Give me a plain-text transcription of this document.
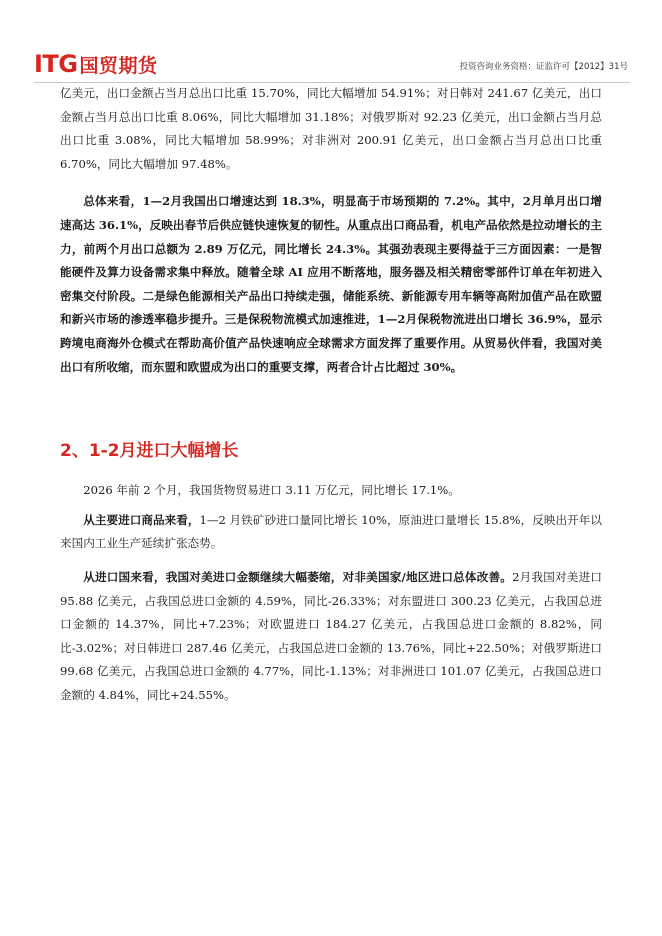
ITG 国贸期货	投资咨询业务资格：证监许可【2012】31号

亿美元，出口金额占当月总出口比重 15.70%，同比大幅增加 54.91%；对日韩对 241.67 亿美元，出口金额占当月总出口比重 8.06%，同比大幅增加 31.18%；对俄罗斯对 92.23 亿美元，出口金额占当月总出口比重 3.08%，同比大幅增加 58.99%；对非洲对 200.91 亿美元，出口金额占当月总出口比重 6.70%，同比大幅增加 97.48%。

总体来看，1—2月我国出口增速达到 18.3%，明显高于市场预期的 7.2%。其中，2月单月出口增速高达 36.1%，反映出春节后供应链快速恢复的韧性。从重点出口商品看，机电产品依然是拉动增长的主力，前两个月出口总额为 2.89 万亿元，同比增长 24.3%。其强劲表现主要得益于三方面因素：一是智能硬件及算力设备需求集中释放。随着全球 AI 应用不断落地，服务器及相关精密零部件订单在年初进入密集交付阶段。二是绿色能源相关产品出口持续走强，储能系统、新能源专用车辆等高附加值产品在欧盟和新兴市场的渗透率稳步提升。三是保税物流模式加速推进，1—2月保税物流进出口增长 36.9%，显示跨境电商海外仓模式在帮助高价值产品快速响应全球需求方面发挥了重要作用。从贸易伙伴看，我国对美出口有所收缩，而东盟和欧盟成为出口的重要支撑，两者合计占比超过 30%。

2、1-2月进口大幅增长

2026 年前 2 个月，我国货物贸易进口 3.11 万亿元，同比增长 17.1%。

从主要进口商品来看，1—2 月铁矿砂进口量同比增长 10%，原油进口量增长 15.8%，反映出开年以来国内工业生产延续扩张态势。

从进口国来看，我国对美进口金额继续大幅萎缩，对非美国家/地区进口总体改善。2月我国对美进口 95.88 亿美元，占我国总进口金额的 4.59%，同比-26.33%；对东盟进口 300.23 亿美元，占我国总进口金额的 14.37%，同比+7.23%；对欧盟进口 184.27 亿美元，占我国总进口金额的 8.82%，同比-3.02%；对日韩进口 287.46 亿美元，占我国总进口金额的 13.76%，同比+22.50%；对俄罗斯进口 99.68 亿美元，占我国总进口金额的 4.77%，同比-1.13%；对非洲进口 101.07 亿美元，占我国总进口金额的 4.84%，同比+24.55%。
